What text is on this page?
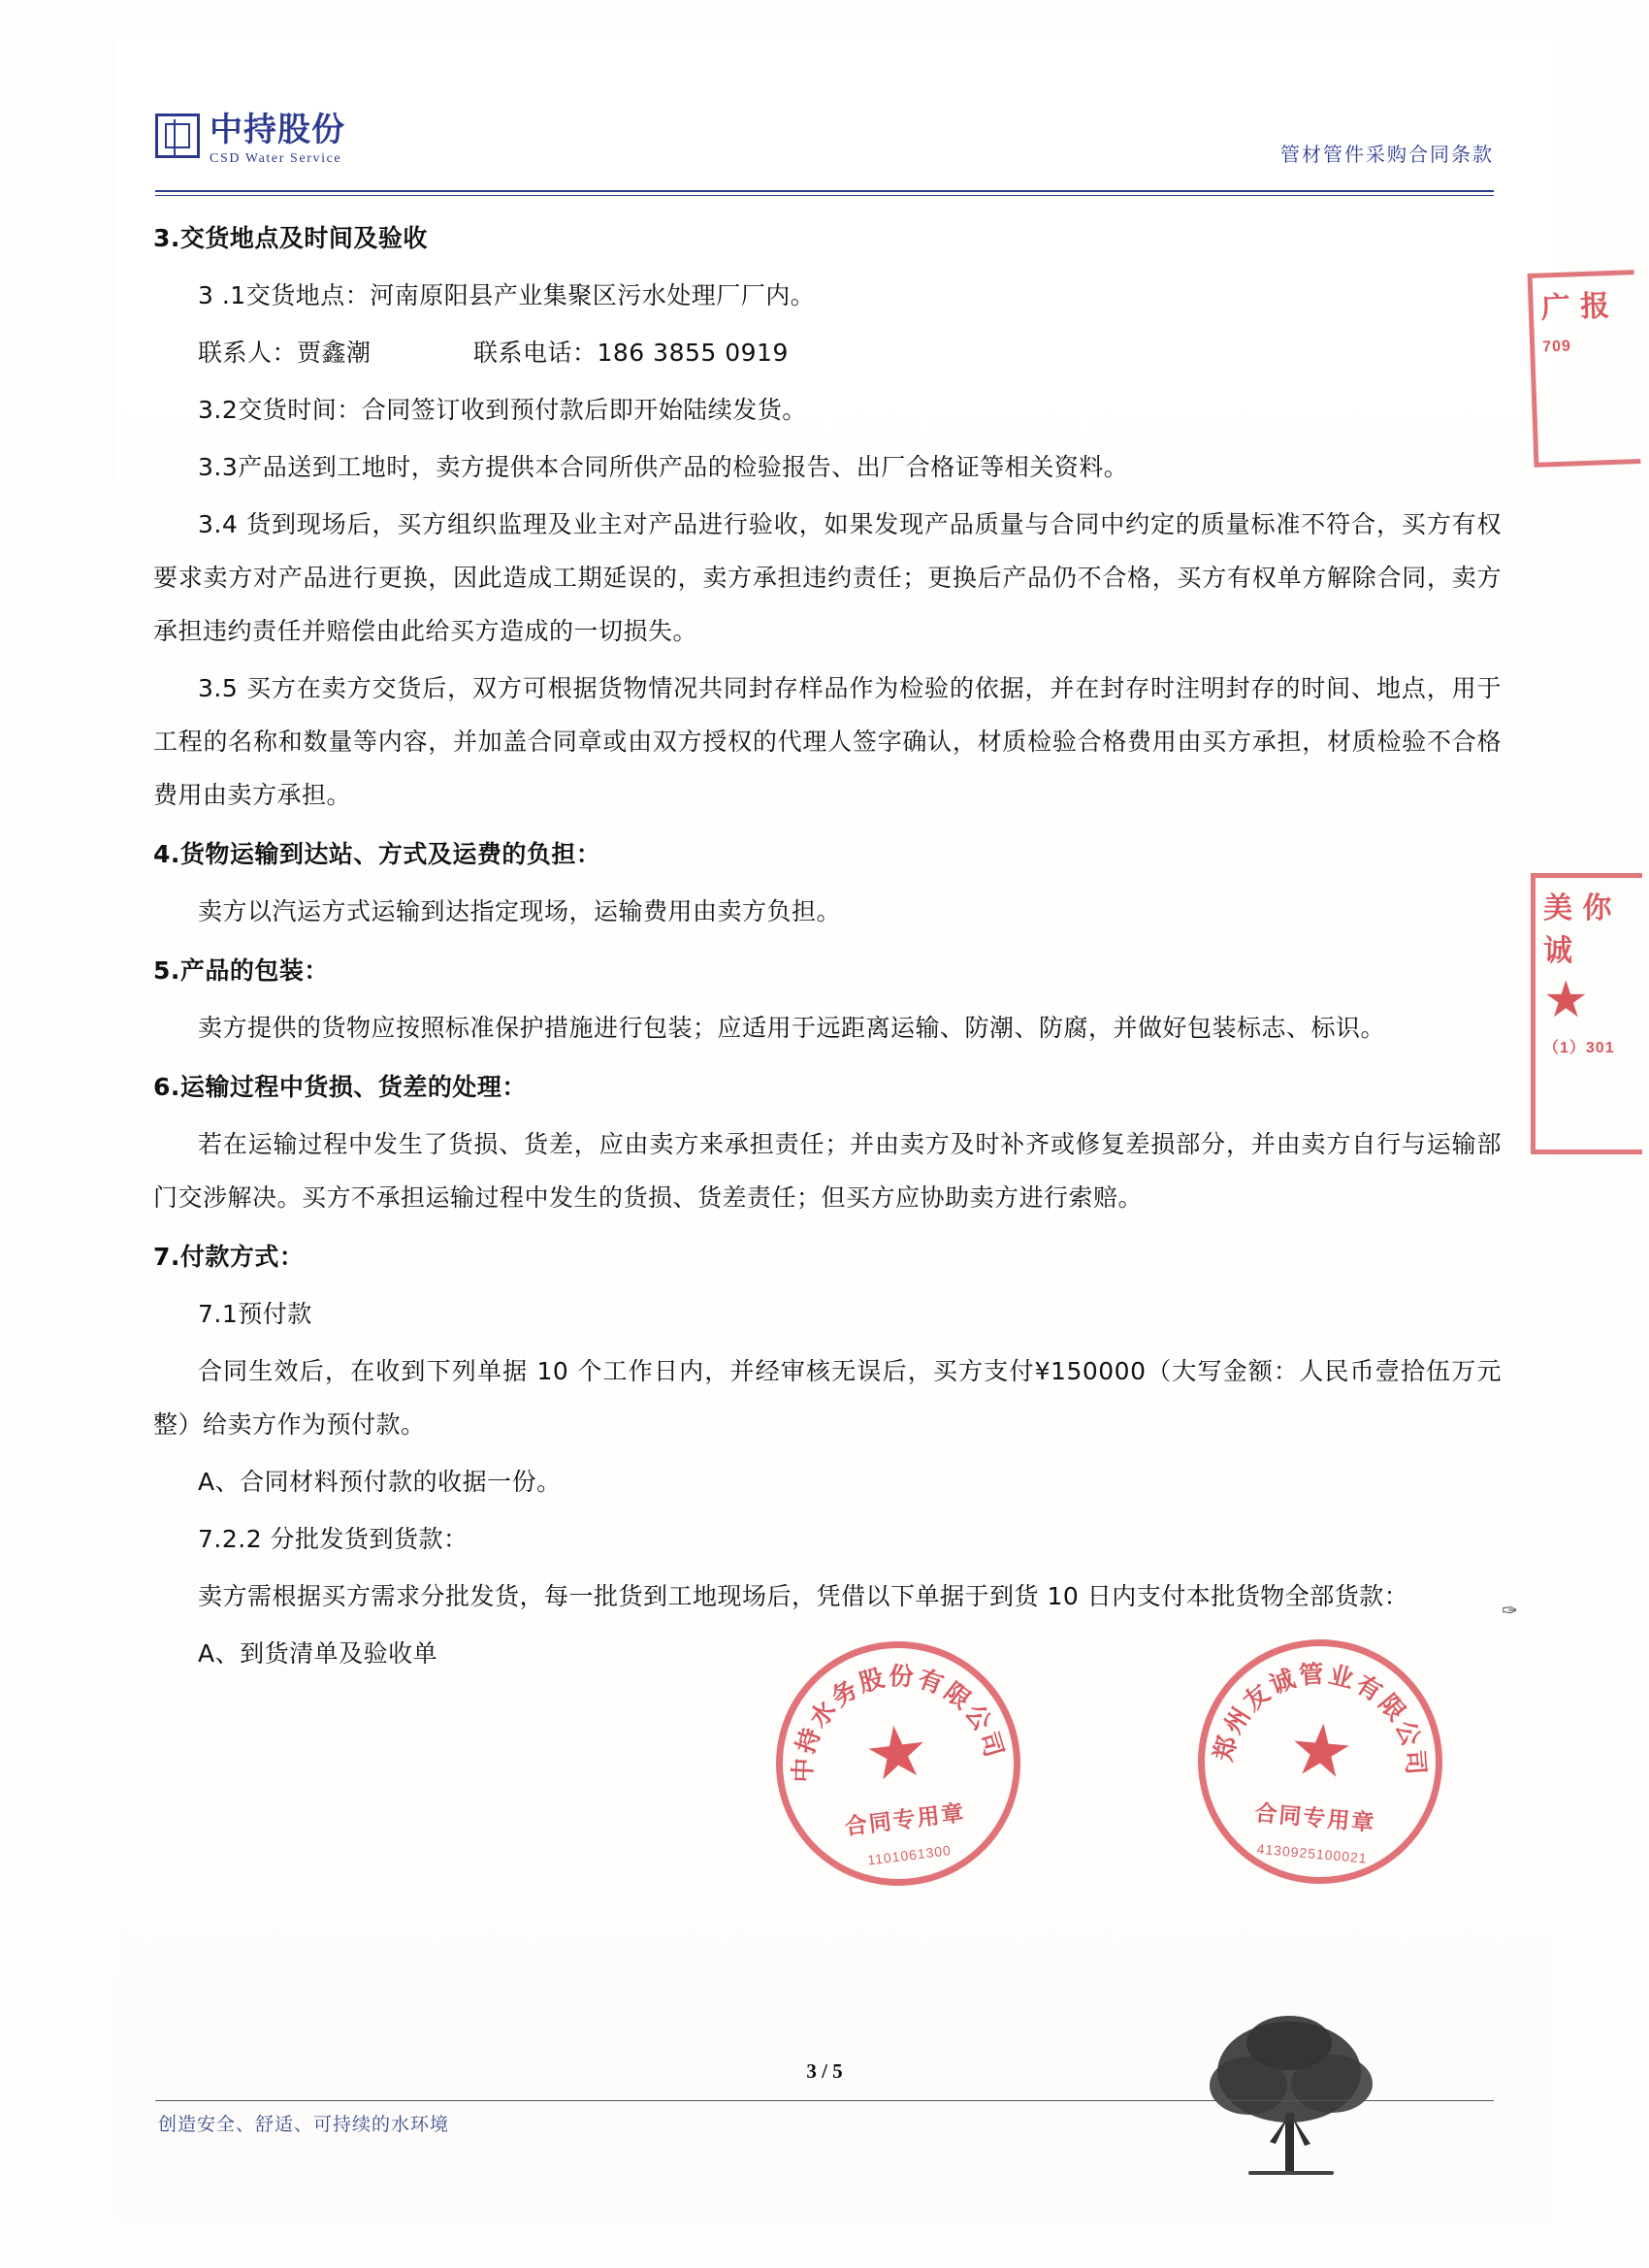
中持股份
CSD Water Service	管材管件采购合同条款

3.交货地点及时间及验收

3 .1交货地点：河南原阳县产业集聚区污水处理厂厂内。

联系人：贾鑫潮	联系电话：186 3855 0919

3.2交货时间：合同签订收到预付款后即开始陆续发货。

3.3产品送到工地时，卖方提供本合同所供产品的检验报告、出厂合格证等相关资料。

3.4 货到现场后，买方组织监理及业主对产品进行验收，如果发现产品质量与合同中约定的质量标准不符合，买方有权要求卖方对产品进行更换，因此造成工期延误的，卖方承担违约责任；更换后产品仍不合格，买方有权单方解除合同，卖方承担违约责任并赔偿由此给买方造成的一切损失。

3.5 买方在卖方交货后，双方可根据货物情况共同封存样品作为检验的依据，并在封存时注明封存的时间、地点，用于工程的名称和数量等内容，并加盖合同章或由双方授权的代理人签字确认，材质检验合格费用由买方承担，材质检验不合格费用由卖方承担。

4.货物运输到达站、方式及运费的负担：

卖方以汽运方式运输到达指定现场，运输费用由卖方负担。

5.产品的包装：

卖方提供的货物应按照标准保护措施进行包装；应适用于远距离运输、防潮、防腐，并做好包装标志、标识。

6.运输过程中货损、货差的处理：

若在运输过程中发生了货损、货差，应由卖方来承担责任；并由卖方及时补齐或修复差损部分，并由卖方自行与运输部门交涉解决。买方不承担运输过程中发生的货损、货差责任；但买方应协助卖方进行索赔。

7.付款方式：

7.1预付款

合同生效后，在收到下列单据 10 个工作日内，并经审核无误后，买方支付¥150000（大写金额：人民币壹拾伍万元整）给卖方作为预付款。

A、合同材料预付款的收据一份。

7.2.2 分批发货到货款：

卖方需根据买方需求分批发货，每一批货到工地现场后，凭借以下单据于到货 10 日内支付本批货物全部货款：

A、到货清单及验收单

中持水务股份有限公司
★
合同专用章
1101061300
郑州友诚管业有限公司
★
合同专用章
4130925100021
广 报
709
美 你 诚
★
（1）301
✑
3 / 5
创造安全、舒适、可持续的水环境
